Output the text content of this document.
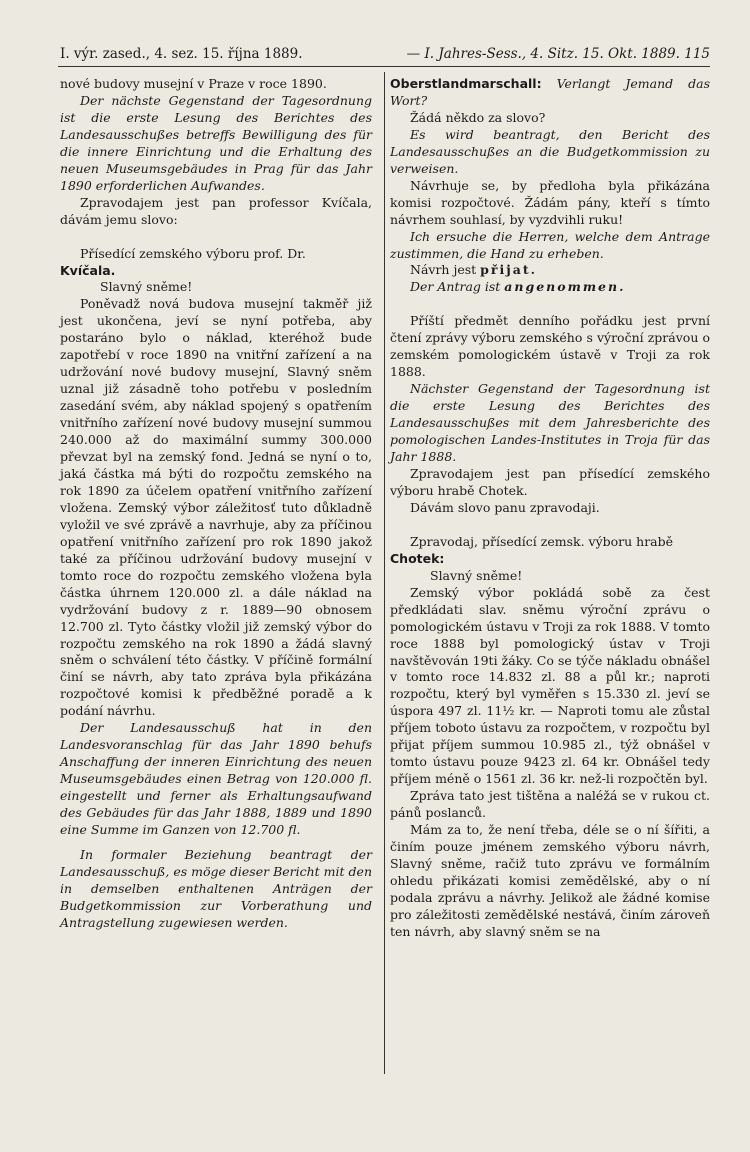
I. výr. zased., 4. sez. 15. října 1889.	— I. Jahres-Sess., 4. Sitz. 15. Okt. 1889. 115

nové budovy musejní v Praze v roce 1890.

Der nächste Gegenstand der Tagesordnung ist die erste Lesung des Berichtes des Landesausschußes betreffs Bewilligung des für die innere Einrichtung und die Erhaltung des neuen Museumsgebäudes in Prag für das Jahr 1890 erforderlichen Aufwandes.

Zpravodajem jest pan professor Kvíčala, dávám jemu slovo:

Přísedící zemského výboru prof. Dr.
Kvíčala.

Slavný sněme!

Poněvadž nová budova musejní takměř již jest ukončena, jeví se nyní potřeba, aby postaráno bylo o náklad, kteréhož bude zapotřebí v roce 1890 na vnitřní zařízení a na udržování nové budovy musejní, Slavný sněm uznal již zásadně toho potřebu v posledním zasedání svém, aby náklad spojený s opatřením vnitřního zařízení nové budovy musejní summou 240.000 až do maximální summy 300.000 převzat byl na zemský fond. Jedná se nyní o to, jaká částka má býti do rozpočtu zemského na rok 1890 za účelem opatření vnitřního zařízení vložena. Zemský výbor záležitosť tuto důkladně vyložil ve své zprávě a navrhuje, aby za příčinou opatření vnitřního zařízení pro rok 1890 jakož také za příčinou udržování budovy musejní v tomto roce do rozpočtu zemského vložena byla částka úhrnem 120.000 zl. a dále náklad na vydržování budovy z r. 1889—90 obnosem 12.700 zl. Tyto částky vložil již zemský výbor do rozpočtu zemského na rok 1890 a žádá slavný sněm o schválení této částky. V příčině formální činí se návrh, aby tato zpráva byla přikázána rozpočtové komisi k předběžné poradě a k podání návrhu.

Der Landesausschuß hat in den Landesvoranschlag für das Jahr 1890 behufs Anschaffung der inneren Einrichtung des neuen Museumsgebäudes einen Betrag von 120.000 fl. eingestellt und ferner als Erhaltungsaufwand des Gebäudes für das Jahr 1888, 1889 und 1890 eine Summe im Ganzen von 12.700 fl.

In formaler Beziehung beantragt der Landesausschuß, es möge dieser Bericht mit den in demselben enthaltenen Anträgen der Budgetkommission zur Vorberathung und Antragstellung zugewiesen werden.

Oberstlandmarschall: Verlangt Jemand das Wort?

Žádá někdo za slovo?

Es wird beantragt, den Bericht des Landesausschußes an die Budgetkommission zu verweisen.

Návrhuje se, by předloha byla přikázána komisi rozpočtové. Žádám pány, kteří s tímto návrhem souhlasí, by vyzdvihli ruku!

Ich ersuche die Herren, welche dem Antrage zustimmen, die Hand zu erheben.

Návrh jest přijat.

Der Antrag ist angenommen.

Příští předmět denního pořádku jest první čtení zprávy výboru zemského s výroční zprávou o zemském pomologickém ústavě v Troji za rok 1888.

Nächster Gegenstand der Tagesordnung ist die erste Lesung des Berichtes des Landesausschußes mit dem Jahresberichte des pomologischen Landes-Institutes in Troja für das Jahr 1888.

Zpravodajem jest pan přísedící zemského výboru hrabě Chotek.

Dávám slovo panu zpravodaji.

Zpravodaj, přísedící zemsk. výboru hrabě Chotek:

Slavný sněme!

Zemský výbor pokládá sobě za čest předkládati slav. sněmu výroční zprávu o pomologickém ústavu v Troji za rok 1888. V tomto roce 1888 byl pomologický ústav v Troji navštěvován 19ti žáky. Co se týče nákladu obnášel v tomto roce 14.832 zl. 88 a půl kr.; naproti rozpočtu, který byl vyměřen s 15.330 zl. jeví se úspora 497 zl. 11½ kr. — Naproti tomu ale zůstal příjem toboto ústavu za rozpočtem, v rozpočtu byl přijat příjem summou 10.985 zl., týž obnášel v tomto ústavu pouze 9423 zl. 64 kr. Obnášel tedy příjem méně o 1561 zl. 36 kr. než-li rozpočtěn byl.

Zpráva tato jest tištěna a naléžá se v rukou ct. pánů poslanců.

Mám za to, že není třeba, déle se o ní šířiti, a činím pouze jménem zemského výboru návrh, Slavný sněme, račiž tuto zprávu ve formálním ohledu přikázati komisi zemědělské, aby o ní podala zprávu a návrhy. Jelikož ale žádné komise pro záležitosti zemědělské nestává, činím zároveň ten návrh, aby slavný sněm se na
